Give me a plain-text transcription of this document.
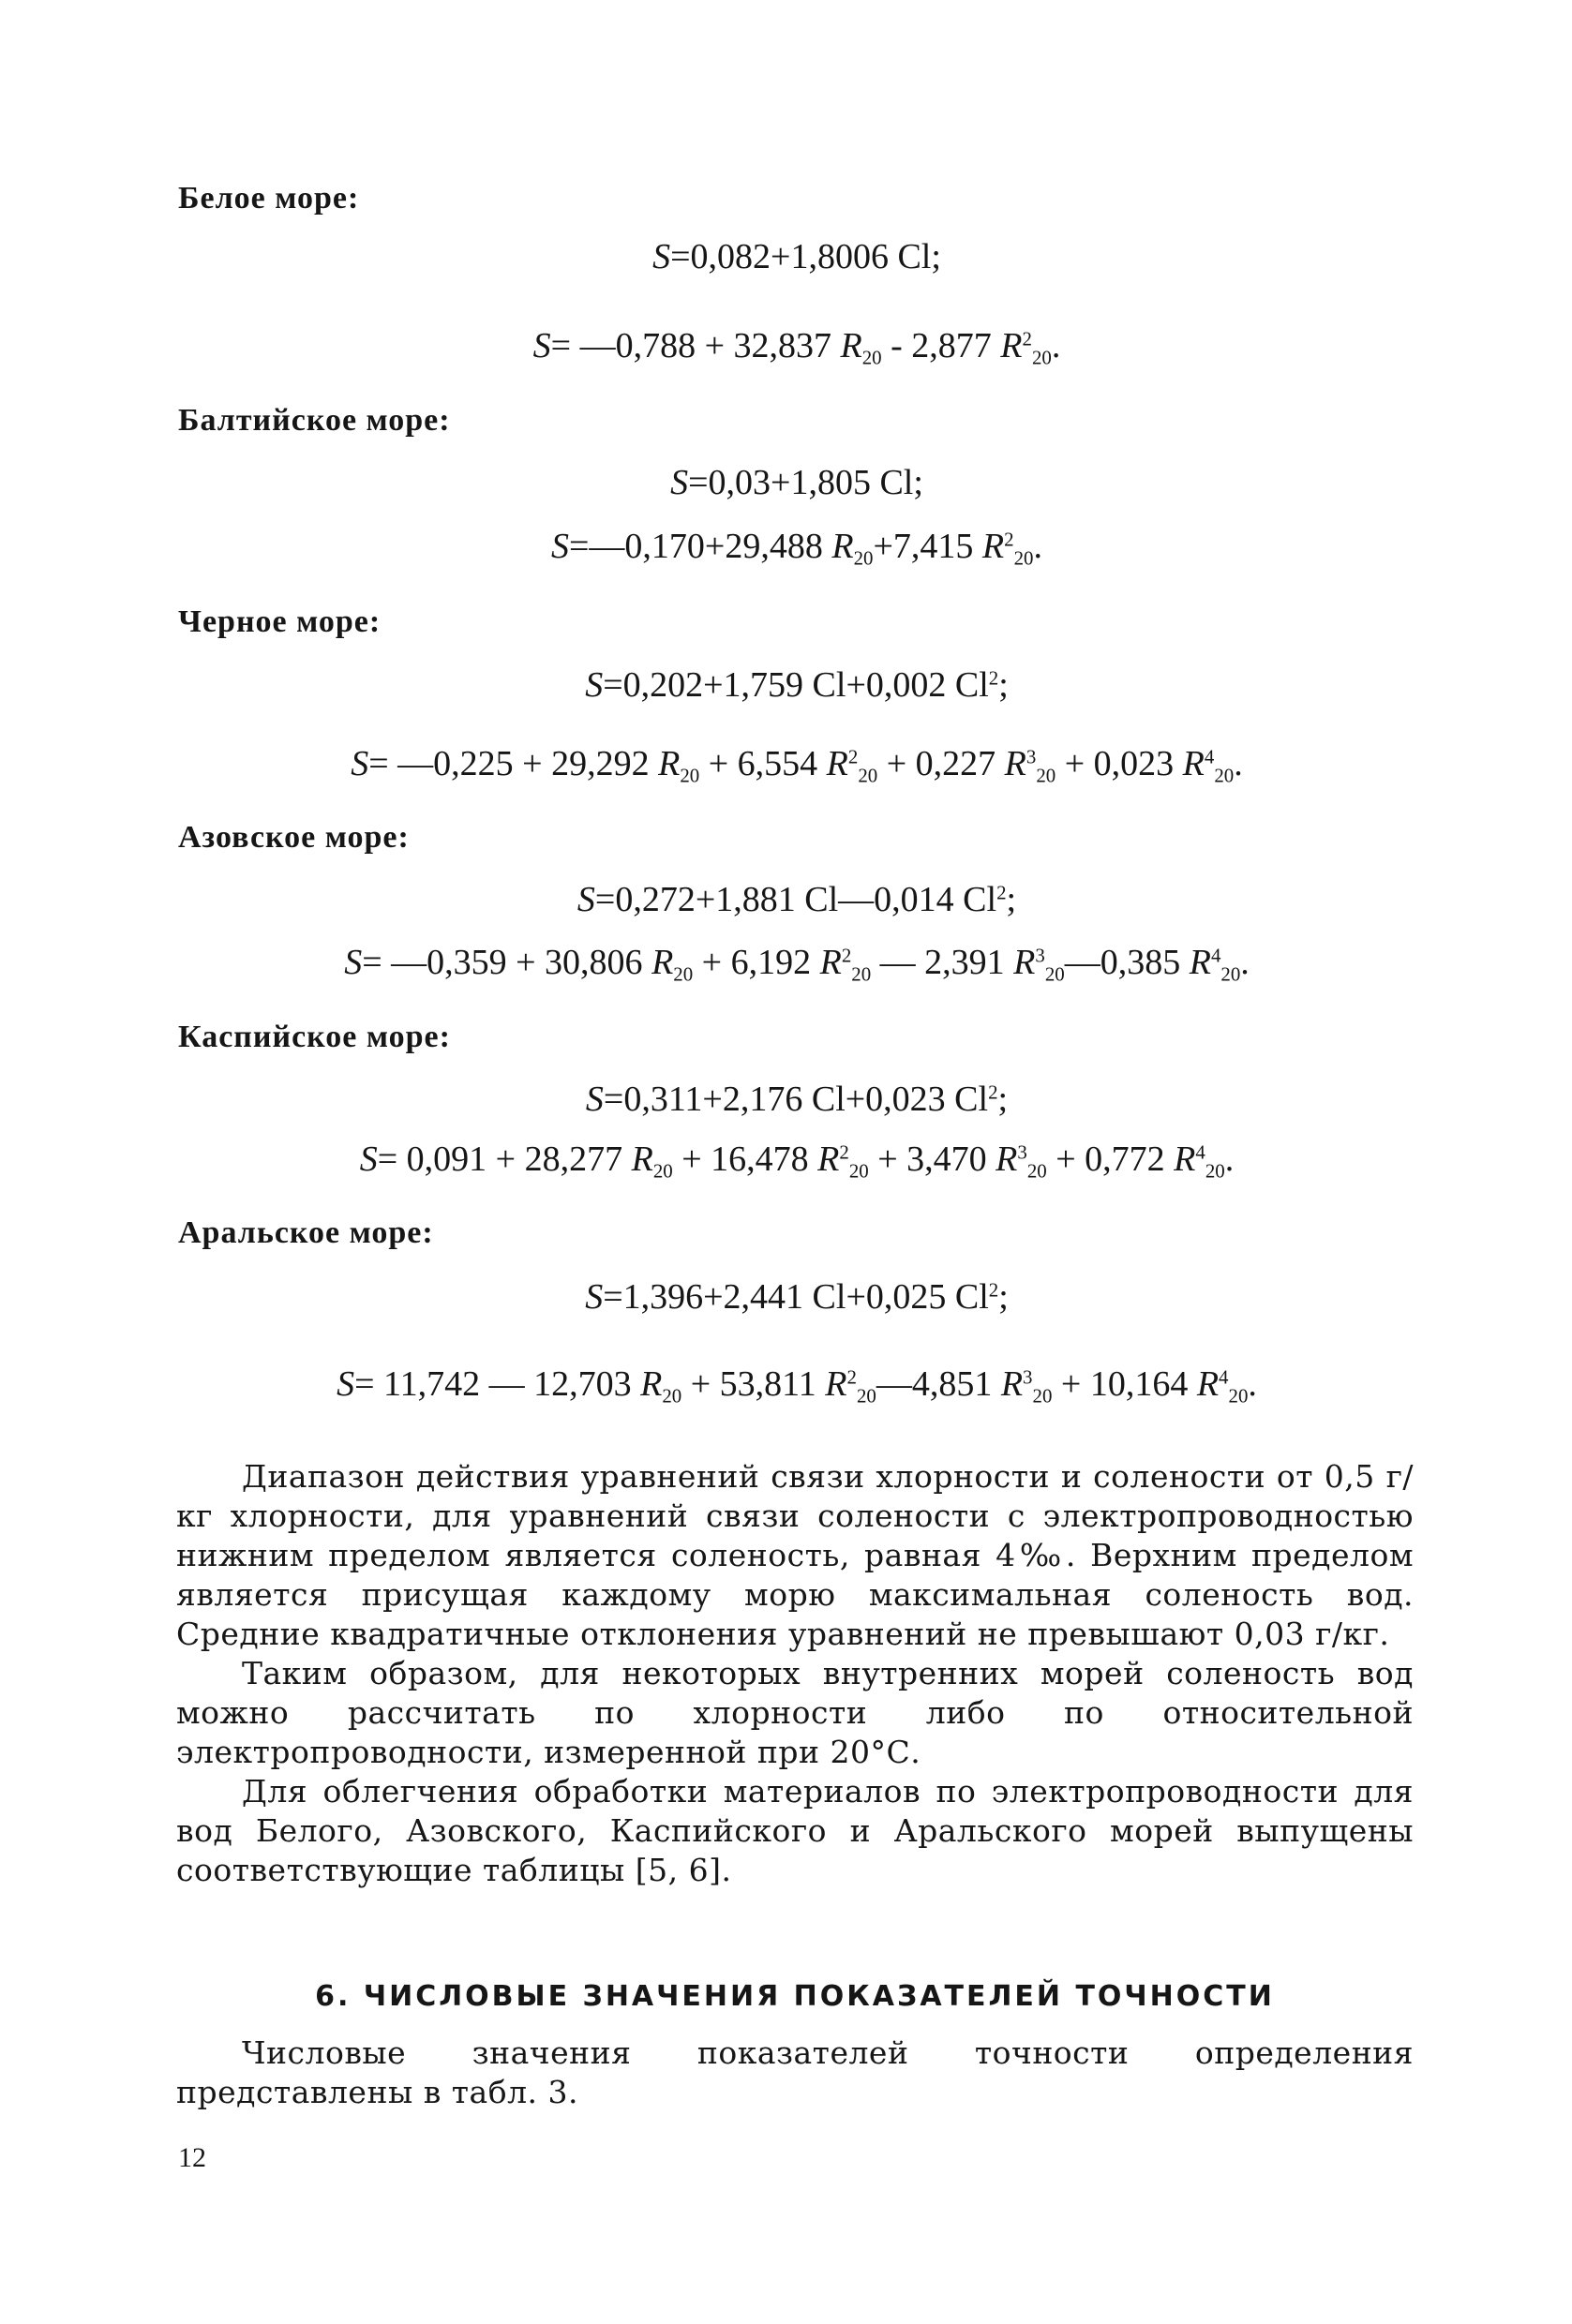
Белое море:
S=0,082+1,8006 Cl;
S= —0,788 + 32,837 $R_{20} - 2,877$ $R^2_{20}$.
Балтийское море:
S=0,03+1,805 Cl;
S=—0,170+29,488 $R_{20}+7,415$ $R^2_{20}$.
Черное море:
S=0,202+1,759 Cl+0,002 Cl$^2$;
S= —0,225 + 29,292 $R_{20} + 6,554$ $R^2_{20} + 0,227$ $R^3_{20} + 0,023$ $R^4_{20}$.
Азовское море:
S=0,272+1,881 Cl—0,014 Cl$^2$;
S= —0,359 + 30,806 $R_{20} + 6,192$ $R^2_{20}$ — 2,391 $R^3_{20}—0,385$ $R^4_{20}$.
Каспийское море:
S=0,311+2,176 Cl+0,023 Cl$^2$;
S= 0,091 + 28,277 $R_{20} + 16,478$ $R^2_{20} + 3,470$ $R^3_{20} + 0,772$ $R^4_{20}$.
Аральское море:
S=1,396+2,441 Cl+0,025 Cl$^2$;
S= 11,742 — 12,703 $R_{20} + 53,811$ $R^2_{20}—4,851$ $R^3_{20} + 10,164$ $R^4_{20}$.

Диапазон действия уравнений связи хлорности и солености от 0,5 г/кг хлорности, для уравнений связи солености с электропроводностью нижним пределом является соленость, равная 4‰. Верхним пределом является присущая каждому морю максимальная соленость вод. Средние квадратичные отклонения уравнений не превышают 0,03 г/кг.

Таким образом, для некоторых внутренних морей соленость вод можно рассчитать по хлорности либо по относительной электропроводности, измеренной при 20°С.

Для облегчения обработки материалов по электропроводности для вод Белого, Азовского, Каспийского и Аральского морей выпущены соответствующие таблицы [5, 6].

6. ЧИСЛОВЫЕ ЗНАЧЕНИЯ ПОКАЗАТЕЛЕЙ ТОЧНОСТИ

Числовые значения показателей точности определения представлены в табл. 3.

12
